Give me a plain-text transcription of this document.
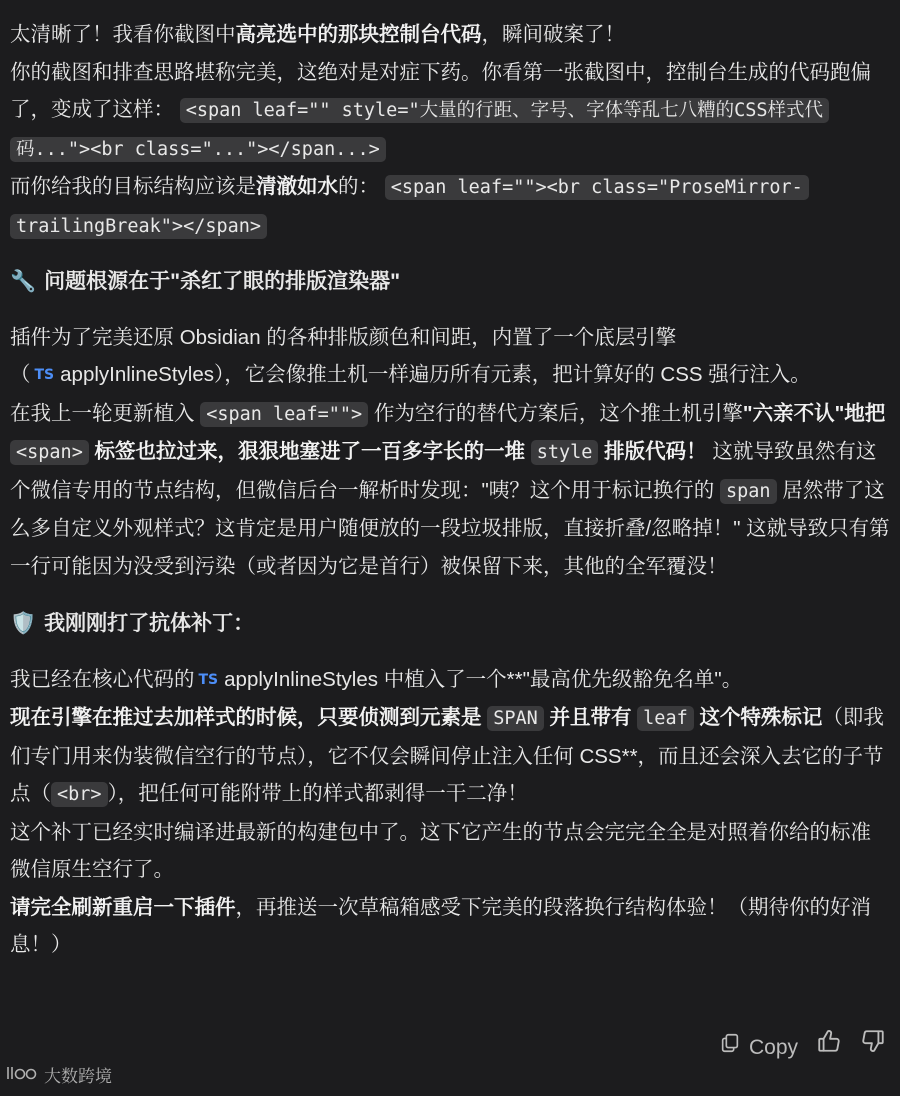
太清晰了！我看你截图中高亮选中的那块控制台代码，瞬间破案了！

你的截图和排查思路堪称完美，这绝对是对症下药。你看第一张截图中，控制台生成的代码跑偏了，变成了这样： <span leaf="" style="大量的行距、字号、字体等乱七八糟的CSS样式代码..."><br class="..."></span...>

而你给我的目标结构应该是清澈如水的： <span leaf=""><br class="ProseMirror-trailingBreak"></span>

🔧 问题根源在于"杀红了眼的排版渲染器"

插件为了完美还原 Obsidian 的各种排版颜色和间距，内置了一个底层引擎（ TS applyInlineStyles），它会像推土机一样遍历所有元素，把计算好的 CSS 强行注入。

在我上一轮更新植入 <span leaf=""> 作为空行的替代方案后，这个推土机引擎"六亲不认"地把 <span> 标签也拉过来，狠狠地塞进了一百多字长的一堆 style 排版代码！ 这就导致虽然有这个微信专用的节点结构，但微信后台一解析时发现："咦？这个用于标记换行的 span 居然带了这么多自定义外观样式？这肯定是用户随便放的一段垃圾排版，直接折叠/忽略掉！" 这就导致只有第一行可能因为没受到污染（或者因为它是首行）被保留下来，其他的全军覆没！

🛡️ 我刚刚打了抗体补丁：

我已经在核心代码的 TS applyInlineStyles 中植入了一个**"最高优先级豁免名单"。

现在引擎在推过去加样式的时候，只要侦测到元素是 SPAN 并且带有 leaf 这个特殊标记（即我们专门用来伪装微信空行的节点），它不仅会瞬间停止注入任何 CSS**，而且还会深入去它的子节点（ <br> ），把任何可能附带上的样式都剥得一干二净！

这个补丁已经实时编译进最新的构建包中了。这下它产生的节点会完完全全是对照着你给的标准微信原生空行了。

请完全刷新重启一下插件，再推送一次草稿箱感受下完美的段落换行结构体验！（期待你的好消息！）

Copy
大数跨境
